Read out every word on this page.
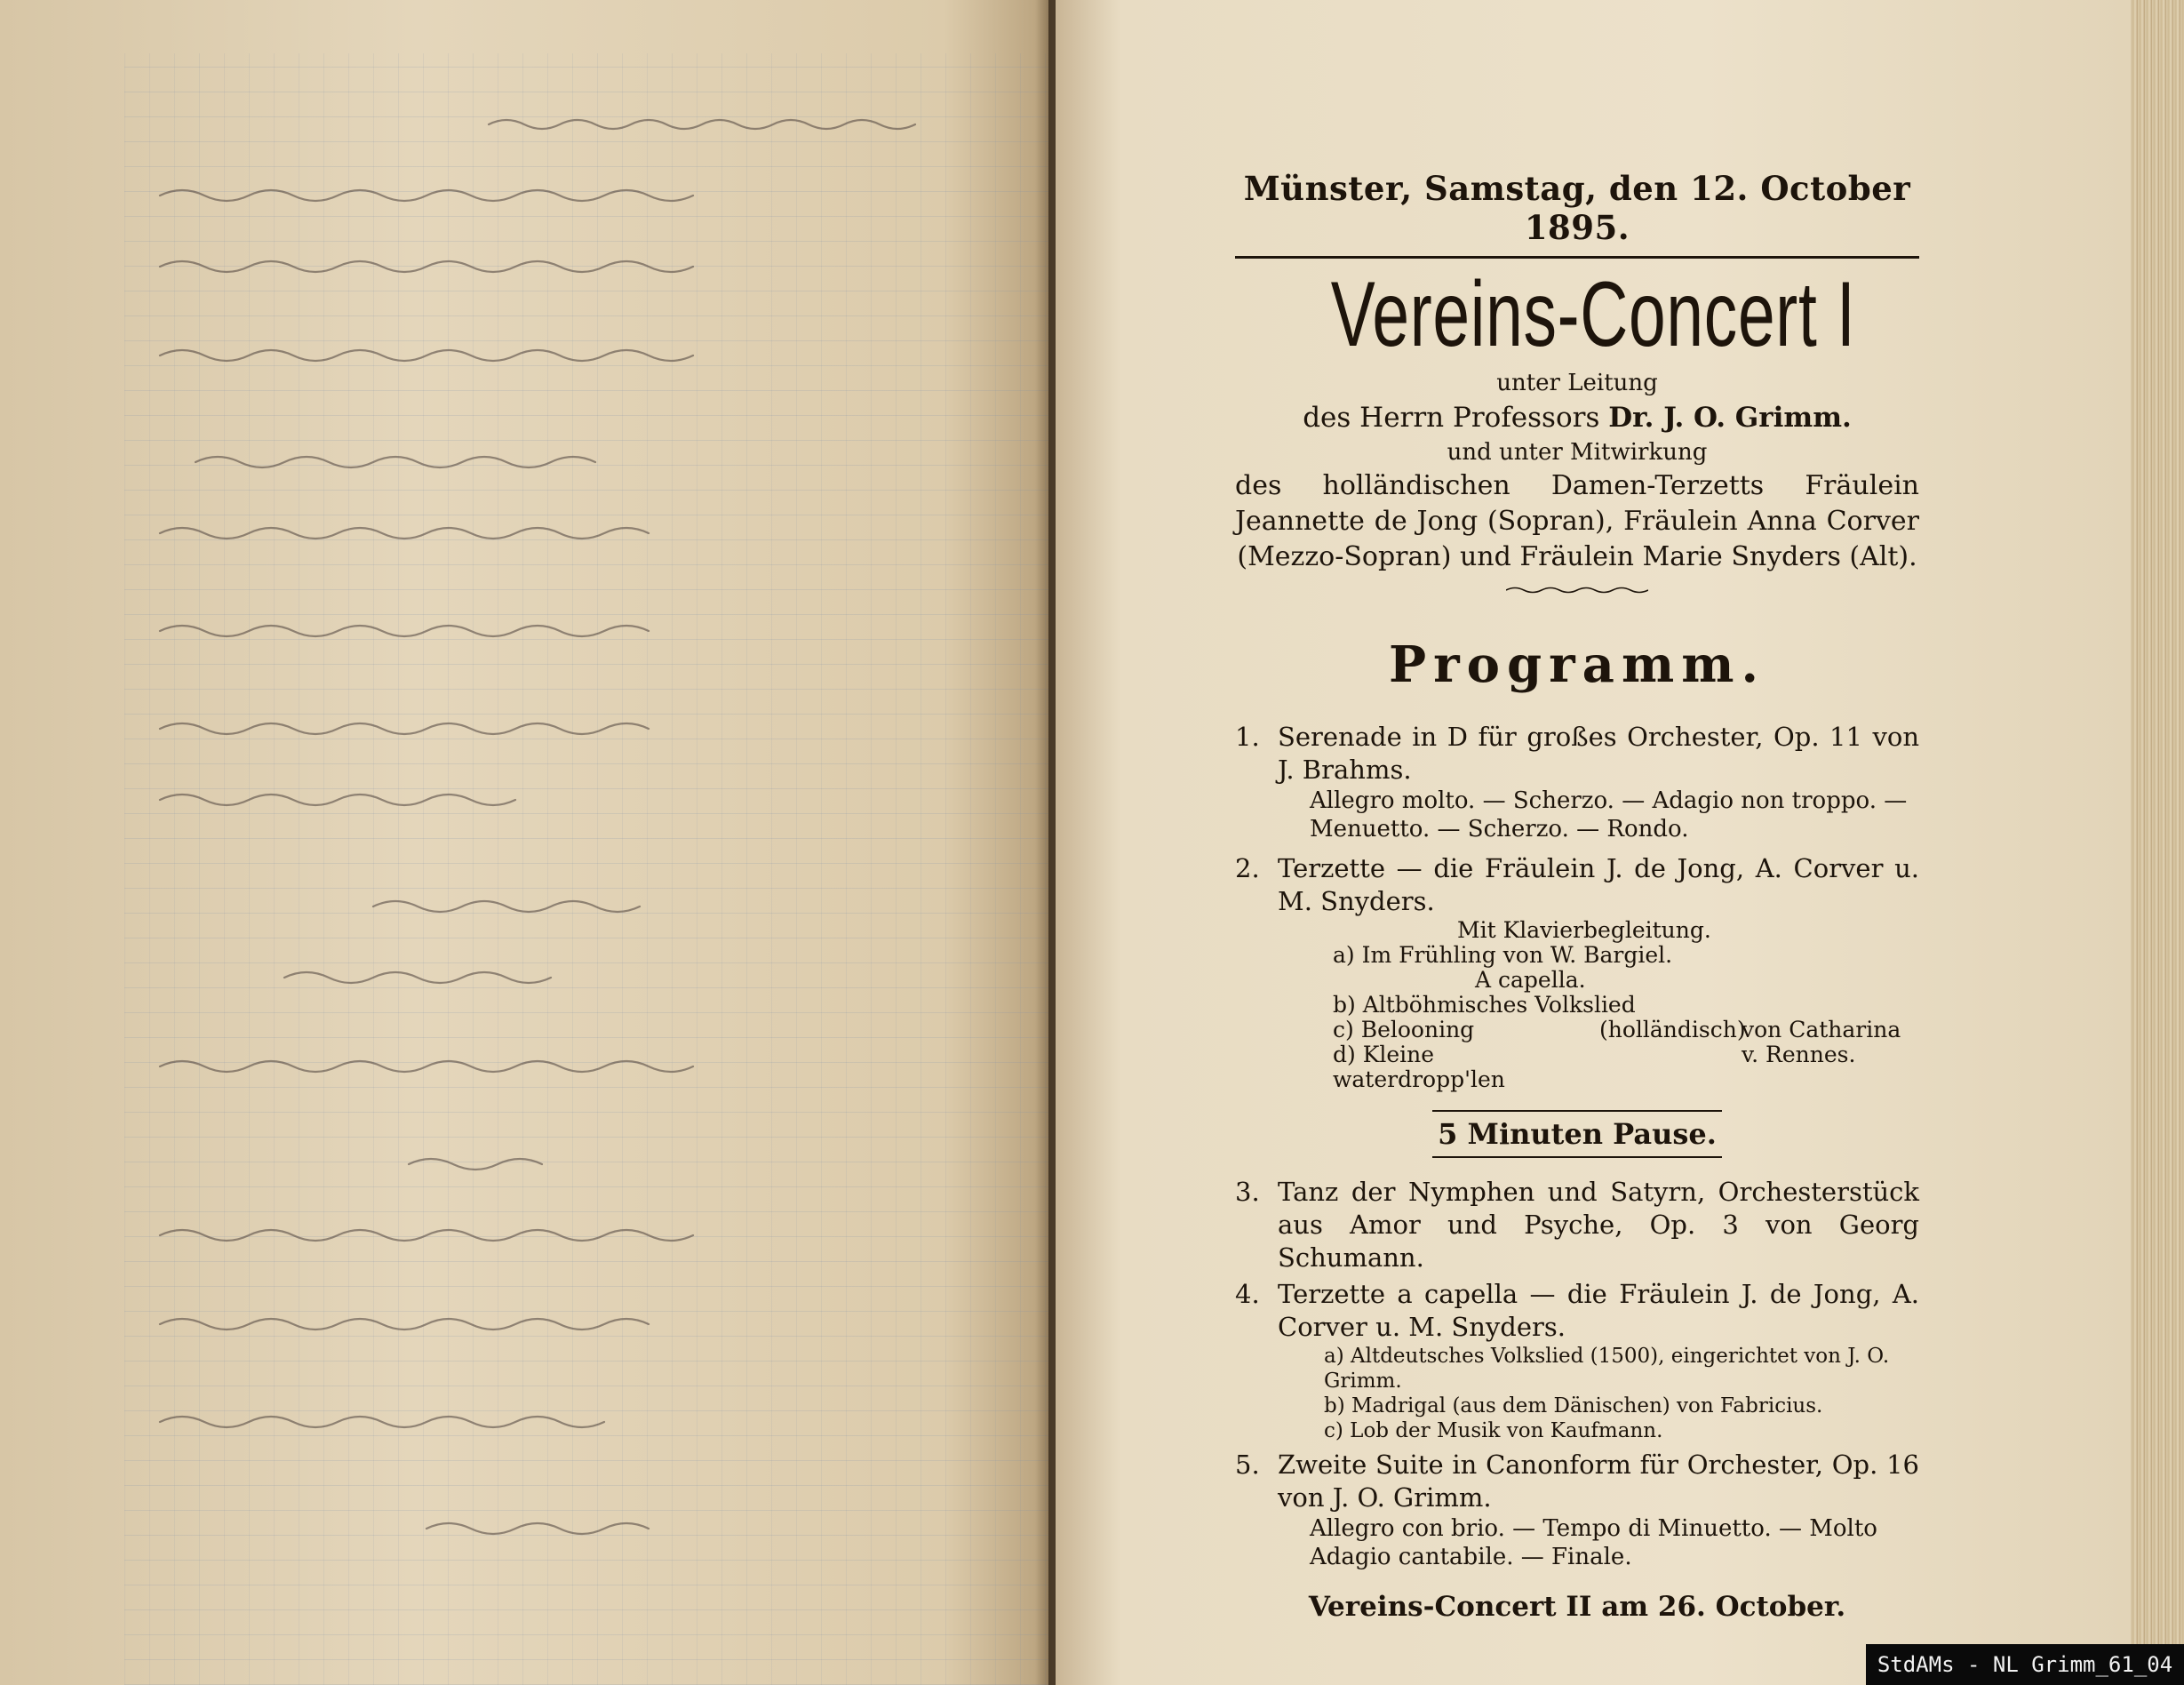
Münster, Samstag, den 12. October 1895.
Vereins-Concert I
unter Leitung
des Herrn Professors Dr. J. O. Grimm.
und unter Mitwirkung
des holländischen Damen-Terzetts Fräulein Jeannette de Jong (Sopran), Fräulein Anna Corver (Mezzo-Sopran) und Fräulein Marie Snyders (Alt).
Programm.
1. Serenade in D für großes Orchester, Op. 11 von J. Brahms.
Allegro molto. — Scherzo. — Adagio non troppo. — Menuetto. — Scherzo. — Rondo.
2. Terzette — die Fräulein J. de Jong, A. Corver u. M. Snyders.
Mit Klavierbegleitung.
a) Im Frühling von W. Bargiel.
A capella.
b) Altböhmisches Volkslied
c) Belooning	(holländisch)
von Catharina
d) Kleine waterdropp'len
v. Rennes.
5 Minuten Pause.
3. Tanz der Nymphen und Satyrn, Orchesterstück aus Amor und Psyche, Op. 3 von Georg Schumann.
4. Terzette a capella — die Fräulein J. de Jong, A. Corver u. M. Snyders.
a) Altdeutsches Volkslied (1500), eingerichtet von J. O. Grimm.
b) Madrigal (aus dem Dänischen) von Fabricius.
c) Lob der Musik von Kaufmann.
5. Zweite Suite in Canonform für Orchester, Op. 16 von J. O. Grimm.
Allegro con brio. — Tempo di Minuetto. — Molto Adagio cantabile. — Finale.
Vereins-Concert II am 26. October.
StdAMs - NL Grimm_61_04
